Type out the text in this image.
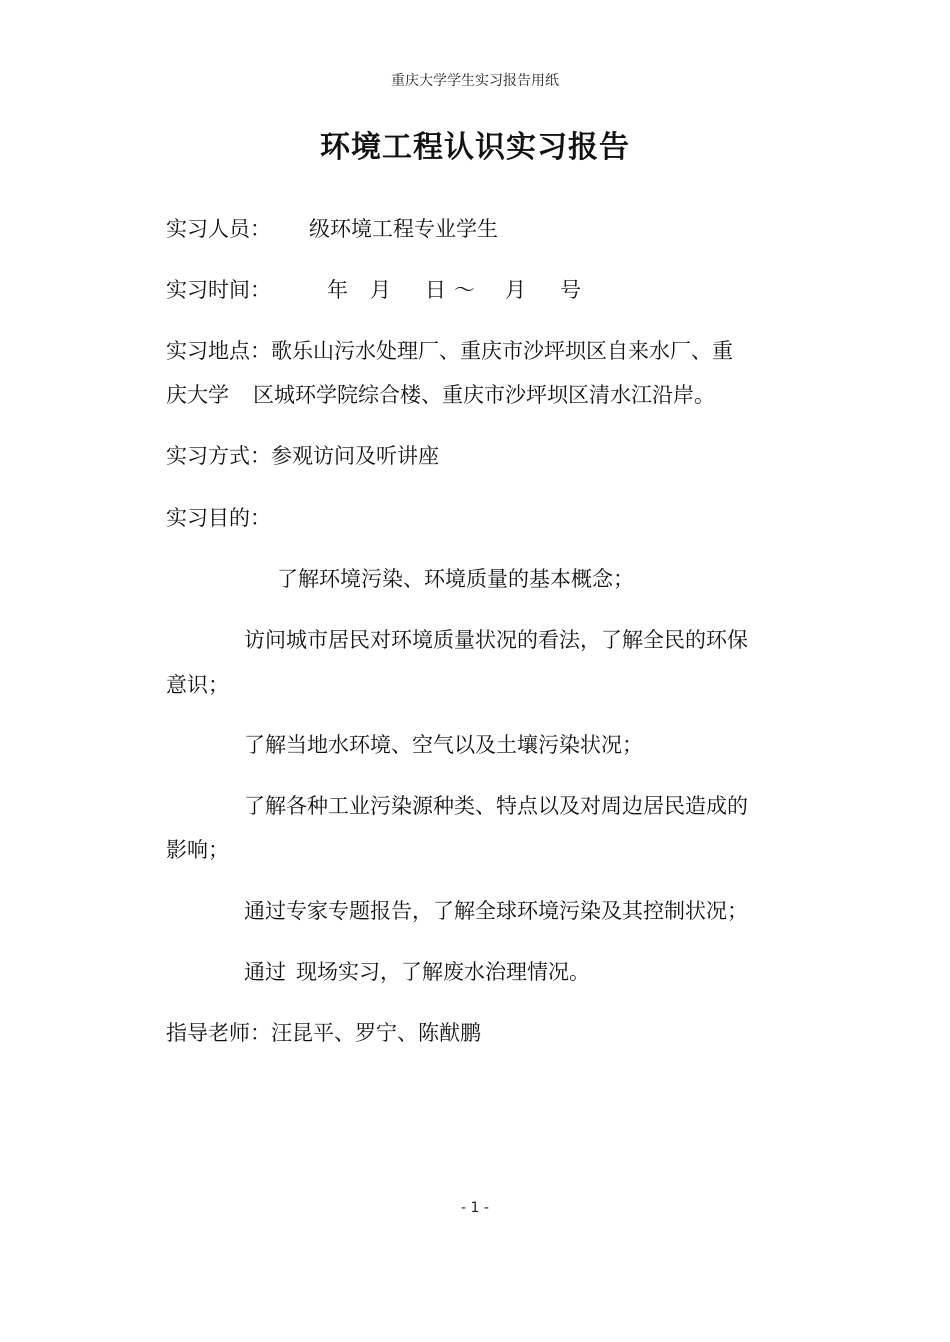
重庆大学学生实习报告用纸
环境工程认识实习报告
实习人员： 级环境工程专业学生
实习时间：	年 月 日 ～ 月 号
实习地点：歌乐山污水处理厂、重庆市沙坪坝区自来水厂、重
庆大学 区城环学院综合楼、重庆市沙坪坝区清水江沿岸。
实习方式：参观访问及听讲座
实习目的：
了解环境污染、环境质量的基本概念；
访问城市居民对环境质量状况的看法，了解全民的环保
意识；
了解当地水环境、空气以及土壤污染状况；
了解各种工业污染源种类、特点以及对周边居民造成的
影响；
通过专家专题报告，了解全球环境污染及其控制状况；
通过 现场实习，了解废水治理情况。
指导老师：汪昆平、罗宁、陈猷鹏
- 1 -
